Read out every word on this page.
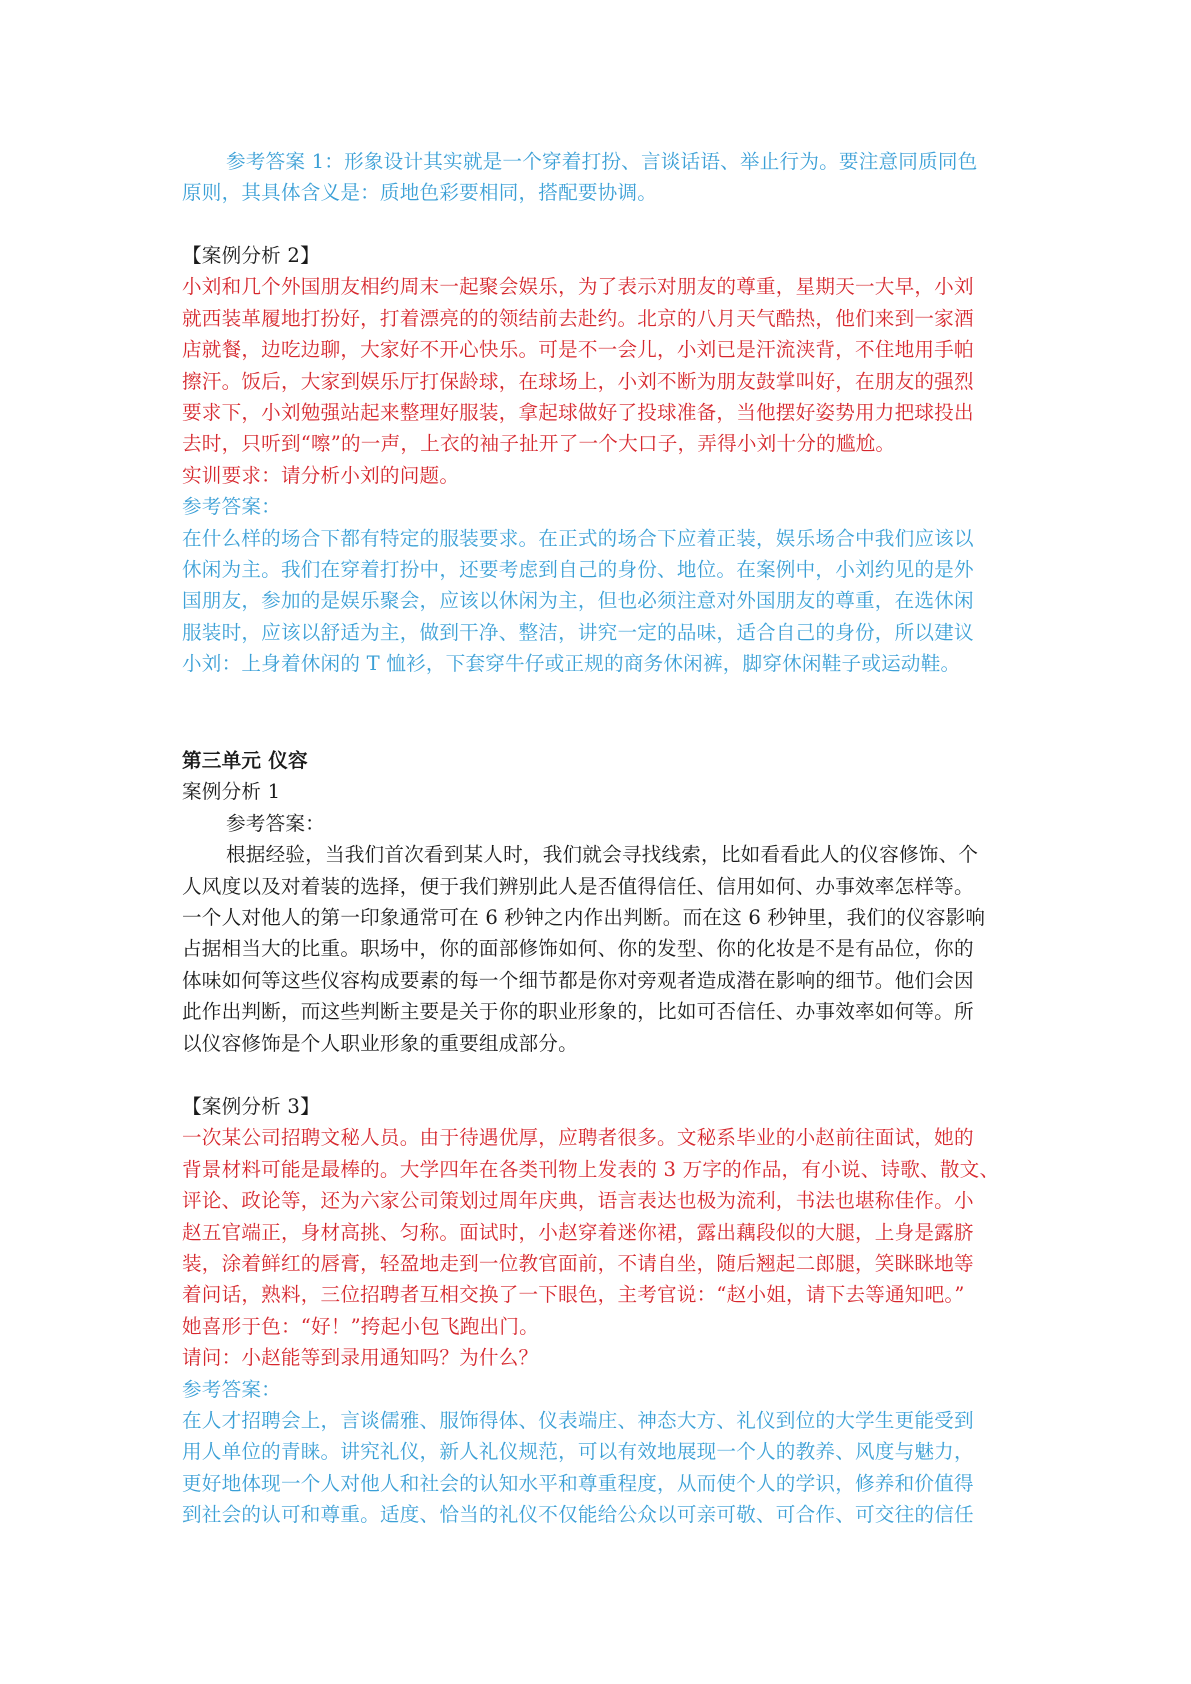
参考答案 1：形象设计其实就是一个穿着打扮、言谈话语、举止行为。要注意同质同色
原则，其具体含义是：质地色彩要相同，搭配要协调。
【案例分析 2】
小刘和几个外国朋友相约周末一起聚会娱乐，为了表示对朋友的尊重，星期天一大早，小刘
就西装革履地打扮好，打着漂亮的的领结前去赴约。北京的八月天气酷热，他们来到一家酒
店就餐，边吃边聊，大家好不开心快乐。可是不一会儿，小刘已是汗流浃背，不住地用手帕
擦汗。饭后，大家到娱乐厅打保龄球，在球场上，小刘不断为朋友鼓掌叫好，在朋友的强烈
要求下，小刘勉强站起来整理好服装，拿起球做好了投球准备，当他摆好姿势用力把球投出
去时，只听到“嚓”的一声，上衣的袖子扯开了一个大口子，弄得小刘十分的尴尬。
实训要求：请分析小刘的问题。
参考答案：
在什么样的场合下都有特定的服装要求。在正式的场合下应着正装，娱乐场合中我们应该以
休闲为主。我们在穿着打扮中，还要考虑到自己的身份、地位。在案例中，小刘约见的是外
国朋友，参加的是娱乐聚会，应该以休闲为主，但也必须注意对外国朋友的尊重，在选休闲
服装时，应该以舒适为主，做到干净、整洁，讲究一定的品味，适合自己的身份，所以建议
小刘：上身着休闲的 T 恤衫，下套穿牛仔或正规的商务休闲裤，脚穿休闲鞋子或运动鞋。
第三单元 仪容
案例分析 1
参考答案：
根据经验，当我们首次看到某人时，我们就会寻找线索，比如看看此人的仪容修饰、个
人风度以及对着装的选择，便于我们辨别此人是否值得信任、信用如何、办事效率怎样等。
一个人对他人的第一印象通常可在 6 秒钟之内作出判断。而在这 6 秒钟里，我们的仪容影响
占据相当大的比重。职场中，你的面部修饰如何、你的发型、你的化妆是不是有品位，你的
体味如何等这些仪容构成要素的每一个细节都是你对旁观者造成潜在影响的细节。他们会因
此作出判断，而这些判断主要是关于你的职业形象的，比如可否信任、办事效率如何等。所
以仪容修饰是个人职业形象的重要组成部分。
【案例分析 3】
一次某公司招聘文秘人员。由于待遇优厚，应聘者很多。文秘系毕业的小赵前往面试，她的
背景材料可能是最棒的。大学四年在各类刊物上发表的 3 万字的作品，有小说、诗歌、散文、
评论、政论等，还为六家公司策划过周年庆典，语言表达也极为流利，书法也堪称佳作。小
赵五官端正，身材高挑、匀称。面试时，小赵穿着迷你裙，露出藕段似的大腿，上身是露脐
装，涂着鲜红的唇膏，轻盈地走到一位教官面前，不请自坐，随后翘起二郎腿，笑眯眯地等
着问话，熟料，三位招聘者互相交换了一下眼色，主考官说：“赵小姐，请下去等通知吧。”
她喜形于色：“好！”挎起小包飞跑出门。
请问：小赵能等到录用通知吗？为什么？
参考答案：
在人才招聘会上，言谈儒雅、服饰得体、仪表端庄、神态大方、礼仪到位的大学生更能受到
用人单位的青睐。讲究礼仪，新人礼仪规范，可以有效地展现一个人的教养、风度与魅力，
更好地体现一个人对他人和社会的认知水平和尊重程度，从而使个人的学识，修养和价值得
到社会的认可和尊重。适度、恰当的礼仪不仅能给公众以可亲可敬、可合作、可交往的信任
